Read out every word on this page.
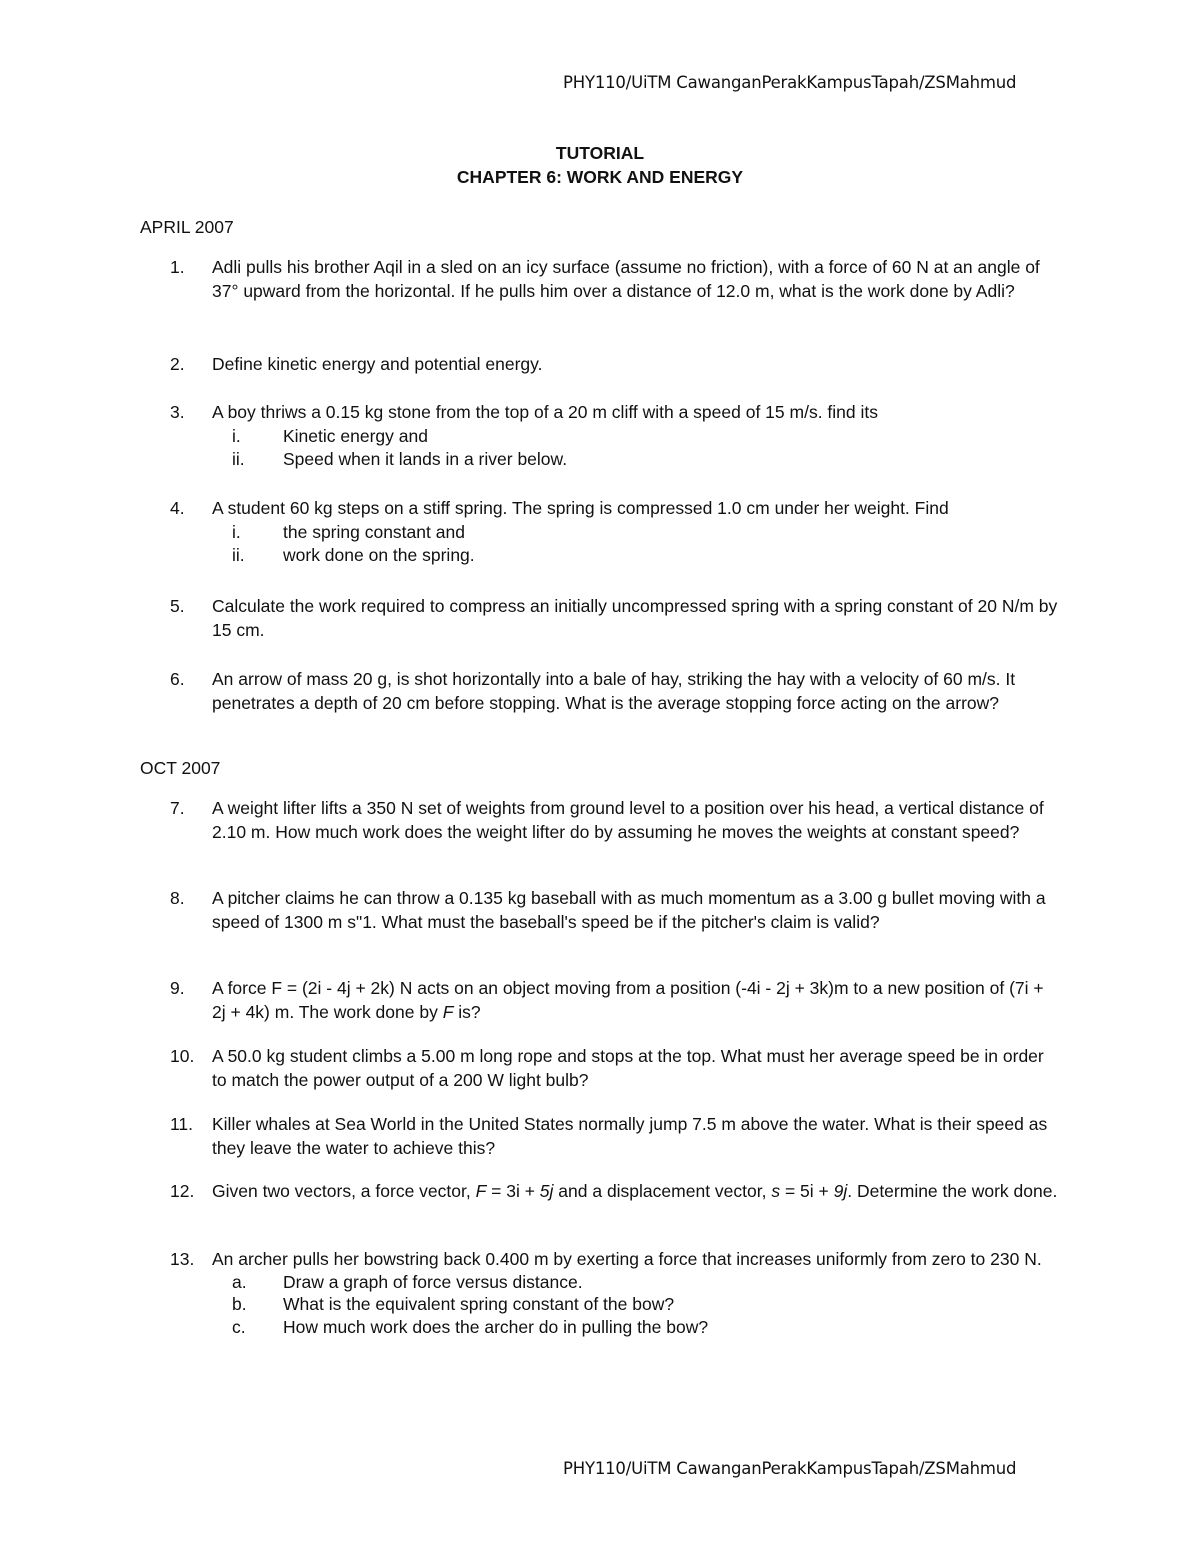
PHY110/UiTM CawanganPerakKampusTapah/ZSMahmud
TUTORIAL
CHAPTER 6: WORK AND ENERGY
APRIL 2007
1.	Adli pulls his brother Aqil in a sled on an icy surface (assume no friction), with a force of 60 N at an angle of 37° upward from the horizontal. If he pulls him over a distance of 12.0 m, what is the work done by Adli?
2.	Define kinetic energy and potential energy.
3.	A boy thriws a 0.15 kg stone from the top of a 20 m cliff with a speed of 15 m/s. find its
i. Kinetic energy and
ii. Speed when it lands in a river below.
4.	A student 60 kg steps on a stiff spring. The spring is compressed 1.0 cm under her weight. Find
i. the spring constant and
ii. work done on the spring.
5.	Calculate the work required to compress an initially uncompressed spring with a spring constant of 20 N/m by 15 cm.
6.	An arrow of mass 20 g, is shot horizontally into a bale of hay, striking the hay with a velocity of 60 m/s. It penetrates a depth of 20 cm before stopping. What is the average stopping force acting on the arrow?
OCT 2007
7.	A weight lifter lifts a 350 N set of weights from ground level to a position over his head, a vertical distance of 2.10 m. How much work does the weight lifter do by assuming he moves the weights at constant speed?
8.	A pitcher claims he can throw a 0.135 kg baseball with as much momentum as a 3.00 g bullet moving with a speed of 1300 m s"1. What must the baseball's speed be if the pitcher's claim is valid?
9.	A force F = (2i - 4j + 2k) N acts on an object moving from a position (-4i - 2j + 3k)m to a new position of (7i + 2j + 4k) m. The work done by F is?
10.	A 50.0 kg student climbs a 5.00 m long rope and stops at the top. What must her average speed be in order to match the power output of a 200 W light bulb?
11.	Killer whales at Sea World in the United States normally jump 7.5 m above the water. What is their speed as they leave the water to achieve this?
12.	Given two vectors, a force vector, F = 3i + 5j and a displacement vector, s = 5i + 9j. Determine the work done.
13.	An archer pulls her bowstring back 0.400 m by exerting a force that increases uniformly from zero to 230 N.
a. Draw a graph of force versus distance.
b. What is the equivalent spring constant of the bow?
c. How much work does the archer do in pulling the bow?
PHY110/UiTM CawanganPerakKampusTapah/ZSMahmud
